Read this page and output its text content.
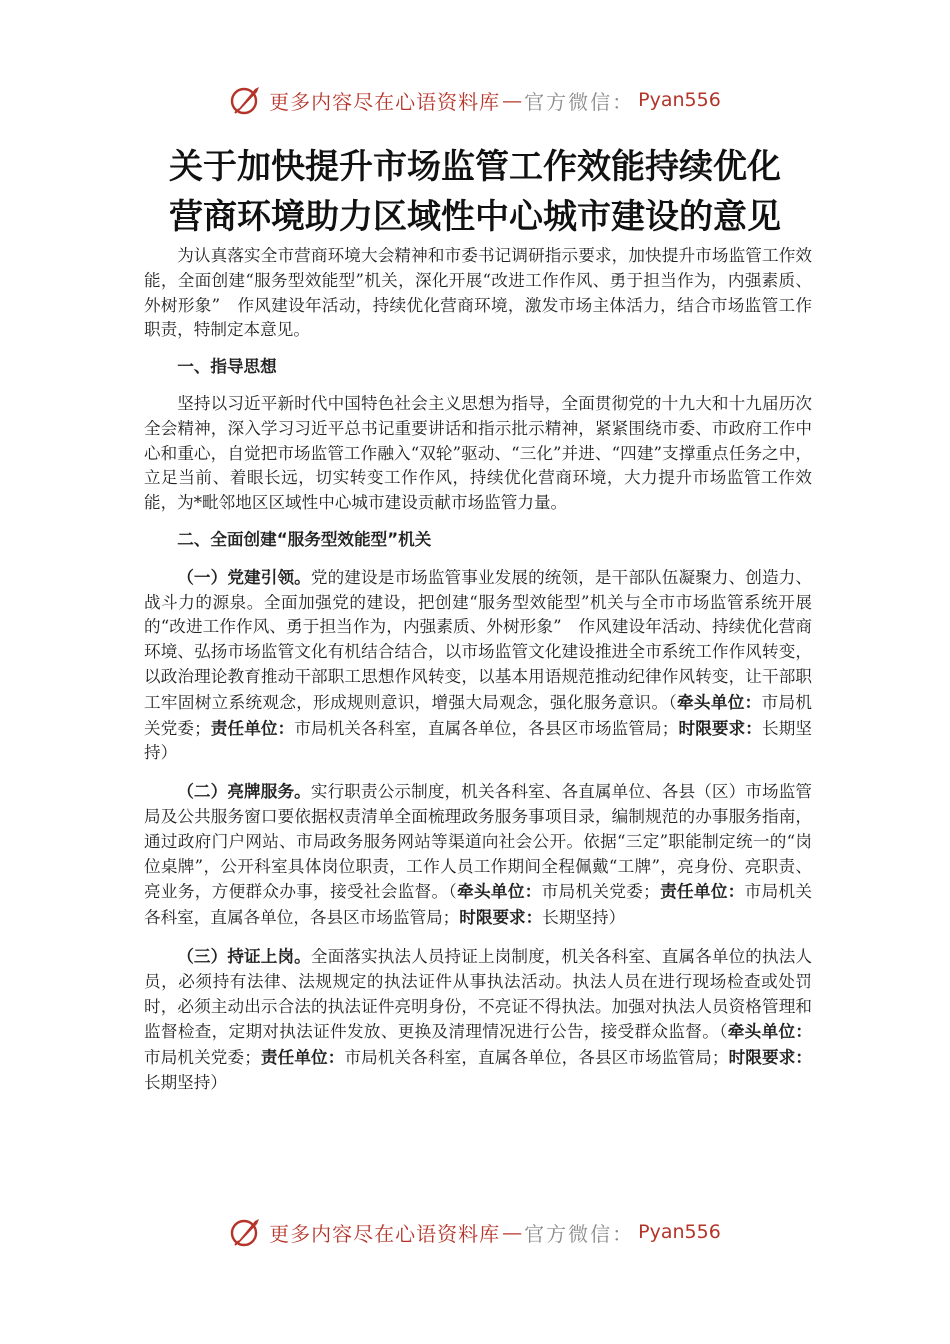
更多内容尽在心语资料库 — 官方微信： Pyan556
关于加快提升市场监管工作效能持续优化
营商环境助力区域性中心城市建设的意见

为认真落实全市营商环境大会精神和市委书记调研指示要求，加快提升市场监管工作效能，全面创建“服务型效能型”机关，深化开展“改进工作作风、勇于担当作为，内强素质、外树形象”　作风建设年活动，持续优化营商环境，激发市场主体活力，结合市场监管工作职责，特制定本意见。

一、指导思想

坚持以习近平新时代中国特色社会主义思想为指导，全面贯彻党的十九大和十九届历次全会精神，深入学习习近平总书记重要讲话和指示批示精神，紧紧围绕市委、市政府工作中心和重心，自觉把市场监管工作融入“双轮”驱动、“三化”并进、“四建”支撑重点任务之中，立足当前、着眼长远，切实转变工作作风，持续优化营商环境，大力提升市场监管工作效能，为*毗邻地区区域性中心城市建设贡献市场监管力量。

二、全面创建“服务型效能型”机关

（一）党建引领。党的建设是市场监管事业发展的统领，是干部队伍凝聚力、创造力、战斗力的源泉。全面加强党的建设，把创建“服务型效能型”机关与全市市场监管系统开展的“改进工作作风、勇于担当作为，内强素质、外树形象”　作风建设年活动、持续优化营商环境、弘扬市场监管文化有机结合结合，以市场监管文化建设推进全市系统工作作风转变，以政治理论教育推动干部职工思想作风转变，以基本用语规范推动纪律作风转变，让干部职工牢固树立系统观念，形成规则意识，增强大局观念，强化服务意识。（牵头单位：市局机关党委；责任单位：市局机关各科室，直属各单位，各县区市场监管局；时限要求：长期坚持）

（二）亮牌服务。实行职责公示制度，机关各科室、各直属单位、各县（区）市场监管局及公共服务窗口要依据权责清单全面梳理政务服务事项目录，编制规范的办事服务指南，通过政府门户网站、市局政务服务网站等渠道向社会公开。依据“三定”职能制定统一的“岗位桌牌”，公开科室具体岗位职责，工作人员工作期间全程佩戴“工牌”，亮身份、亮职责、亮业务，方便群众办事，接受社会监督。（牵头单位：市局机关党委；责任单位：市局机关各科室，直属各单位，各县区市场监管局；时限要求：长期坚持）

（三）持证上岗。全面落实执法人员持证上岗制度，机关各科室、直属各单位的执法人员，必须持有法律、法规规定的执法证件从事执法活动。执法人员在进行现场检查或处罚时，必须主动出示合法的执法证件亮明身份，不亮证不得执法。加强对执法人员资格管理和监督检查，定期对执法证件发放、更换及清理情况进行公告，接受群众监督。（牵头单位：市局机关党委；责任单位：市局机关各科室，直属各单位，各县区市场监管局；时限要求：长期坚持）

更多内容尽在心语资料库 — 官方微信： Pyan556
